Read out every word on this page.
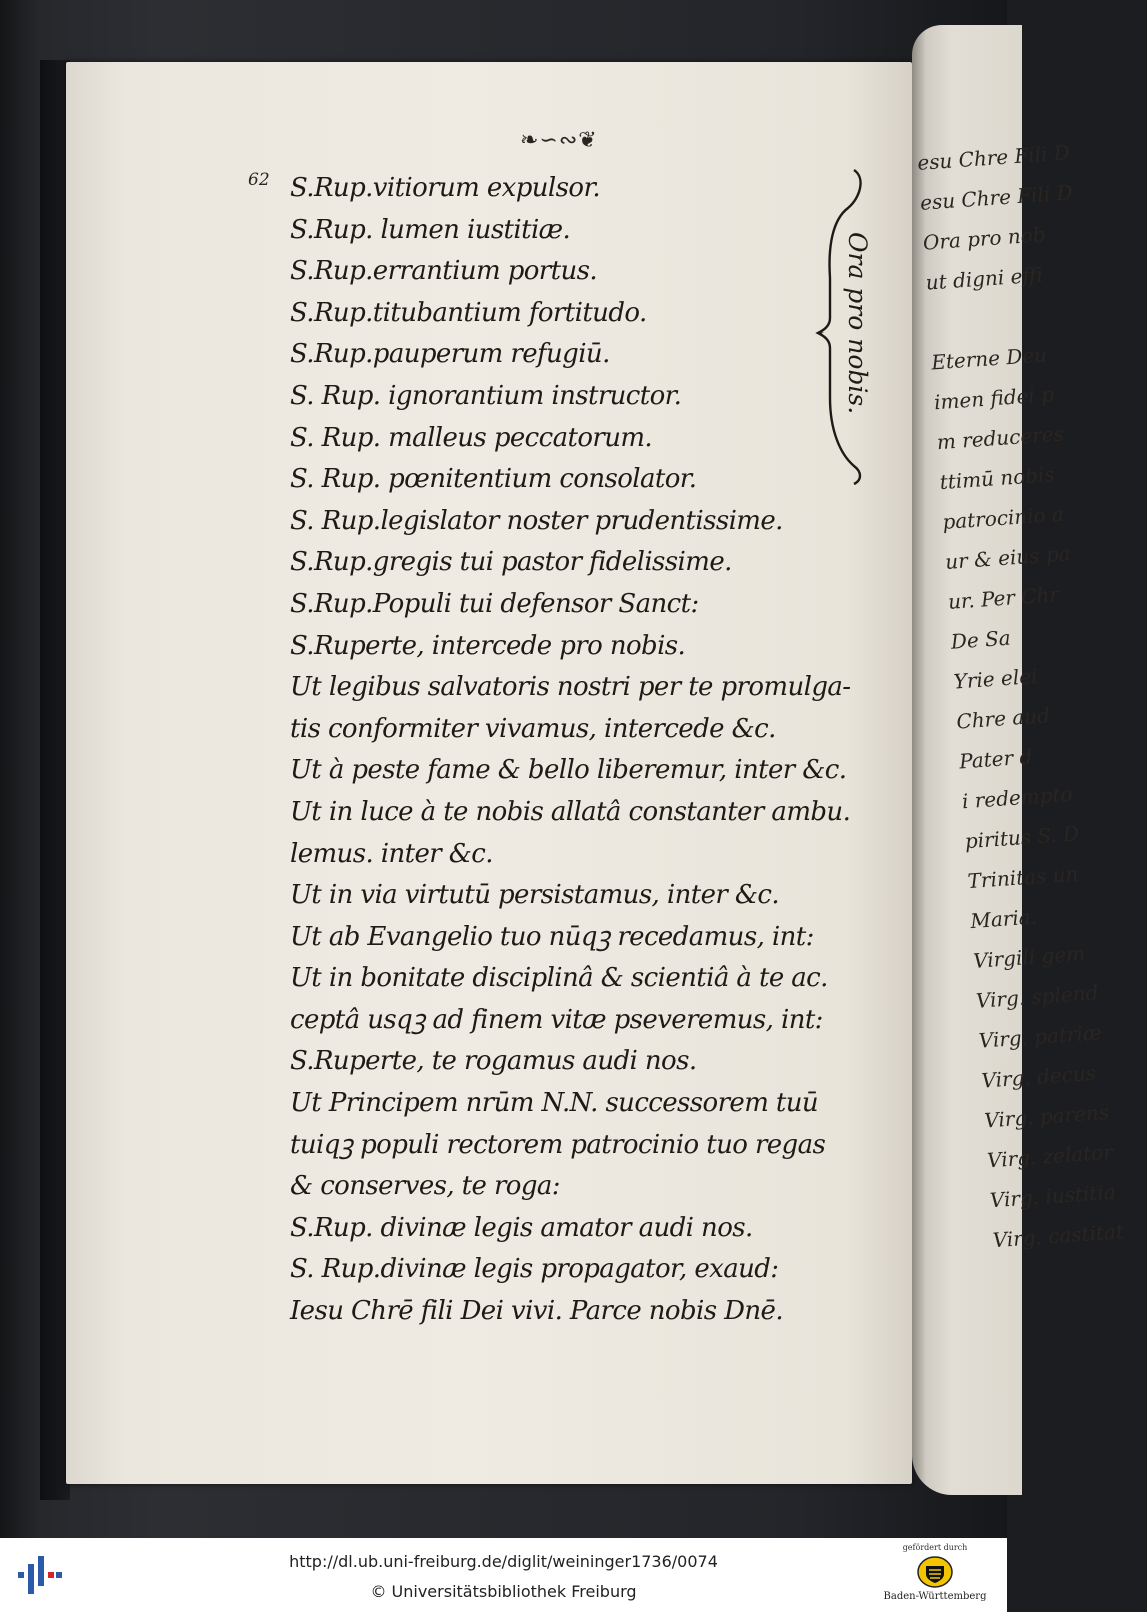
esu Chre Fili D
esu Chre Fili D
Ora pro nob
ut digni effi
Eterne Deu
imen fidei p
m reduceres
ttimū nobis
patrocinio a
ur & eius pa
ur. Per Chr
De Sa
Yrie elei
Chre aud
Pater d
i redempto
piritus S. D
Trinitas un
Maria.
Virgili gem
Virg. splend
Virg. patriæ
Virg. decus
Virg. parens
Virg. zelator
Virg. iustitia
Virg. castitat
62
❧∽∾❦
S.Rup.vitiorum expulsor.
S.Rup. lumen iustitiæ.
S.Rup.errantium portus.
S.Rup.titubantium fortitudo.
S.Rup.pauperum refugiū.
S. Rup. ignorantium instructor.
S. Rup. malleus peccatorum.
S. Rup. pœnitentium consolator.
S. Rup.legislator noster prudentissime.
S.Rup.gregis tui pastor fidelissime.
S.Rup.Populi tui defensor Sanct:
S.Ruperte, intercede pro nobis.
Ut legibus salvatoris nostri per te promulga-
tis conformiter vivamus, intercede &c.
Ut à peste fame & bello liberemur, inter &c.
Ut in luce à te nobis allatâ constanter ambu.
lemus. inter &c.
Ut in via virtutū persistamus, inter &c.
Ut ab Evangelio tuo nūqꝫ recedamus, int:
Ut in bonitate disciplinâ & scientiâ à te ac.
ceptâ usqꝫ ad finem vitæ pseveremus, int:
S.Ruperte, te rogamus audi nos.
Ut Principem nrūm N.N. successorem tuū
tuiqꝫ populi rectorem patrocinio tuo regas
& conserves, te roga:
S.Rup. divinæ legis amator audi nos.
S. Rup.divinæ legis propagator, exaud:
Iesu Chrē fili Dei vivi. Parce nobis Dnē.
~ Ora pro nobis.
http://dl.ub.uni-freiburg.de/diglit/weininger1736/0074
© Universitätsbibliothek Freiburg
gefördert durch
Baden-Württemberg
